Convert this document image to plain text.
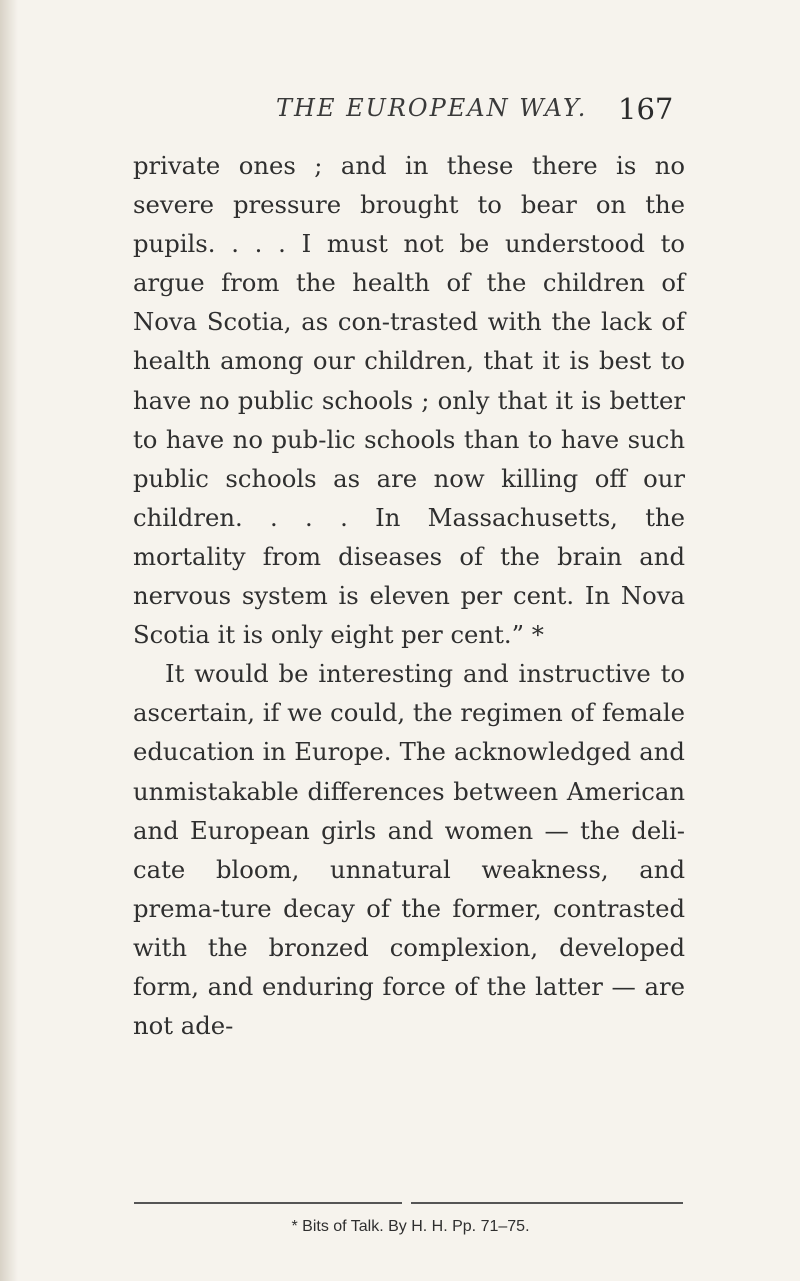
THE EUROPEAN WAY. 167

private ones ; and in these there is no severe pressure brought to bear on the pupils. . . . I must not be understood to argue from the health of the children of Nova Scotia, as con-trasted with the lack of health among our children, that it is best to have no public schools ; only that it is better to have no pub-lic schools than to have such public schools as are now killing off our children. . . . In Massachusetts, the mortality from diseases of the brain and nervous system is eleven per cent. In Nova Scotia it is only eight per cent.” *

It would be interesting and instructive to ascertain, if we could, the regimen of female education in Europe. The acknowledged and unmistakable differences between American and European girls and women — the deli-cate bloom, unnatural weakness, and prema-ture decay of the former, contrasted with the bronzed complexion, developed form, and enduring force of the latter — are not ade-

* Bits of Talk. By H. H. Pp. 71–75.
